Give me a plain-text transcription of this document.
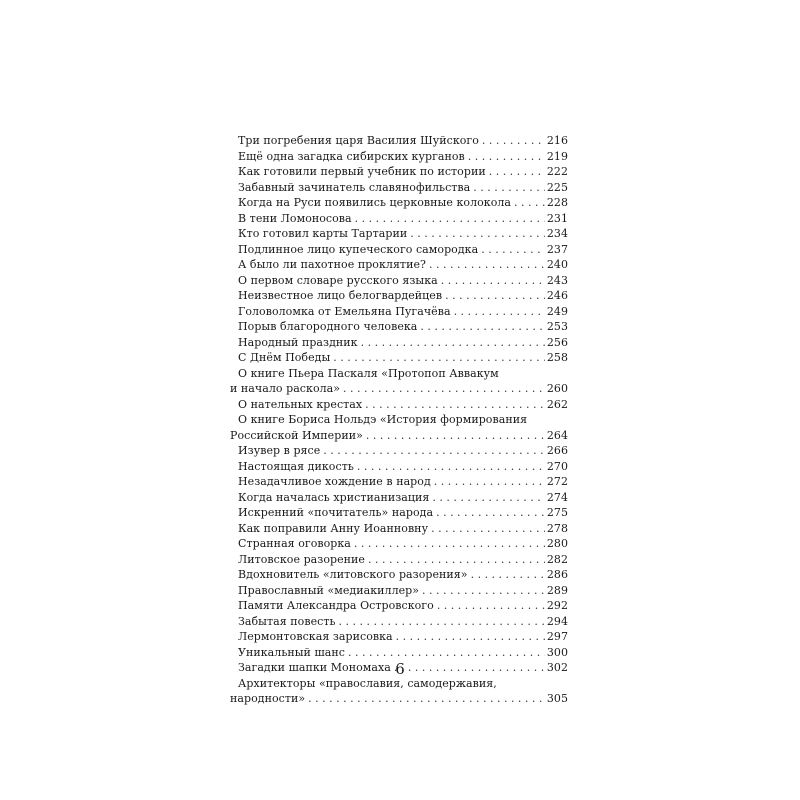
Три погребения царя Василия Шуйского . . .	216
Ещё одна загадка сибирских курганов . . .	219
Как готовили первый учебник по истории . . .	222
Забавный зачинатель славянофильства . . .	225
Когда на Руси появились церковные колокола . . .	228
В тени Ломоносова . . .	231
Кто готовил карты Тартарии . . .	234
Подлинное лицо купеческого самородка . . .	237
А было ли пахотное проклятие? . . .	240
О первом словаре русского языка . . .	243
Неизвестное лицо белогвардейцев . . .	246
Головоломка от Емельяна Пугачёва . . .	249
Порыв благородного человека . . .	253
Народный праздник . . .	256
С Днём Победы . . .	258
О книге Пьера Паскаля «Протопоп Аввакум
и начало раскола» . . .	260
О нательных крестах . . .	262
О книге Бориса Нольдэ «История формирования
Российской Империи» . . .	264
Изувер в рясе . . .	266
Настоящая дикость . . .	270
Незадачливое хождение в народ . . .	272
Когда началась христианизация . . .	274
Искренний «почитатель» народа . . .	275
Как поправили Анну Иоанновну . . .	278
Странная оговорка . . .	280
Литовское разорение . . .	282
Вдохновитель «литовского разорения» . . .	286
Православный «медиакиллер» . . .	289
Памяти Александра Островского . . .	292
Забытая повесть . . .	294
Лермонтовская зарисовка . . .	297
Уникальный шанс . . .	300
Загадки шапки Мономаха . . .	302
Архитекторы «православия, самодержавия,
народности» . . .	305
6
